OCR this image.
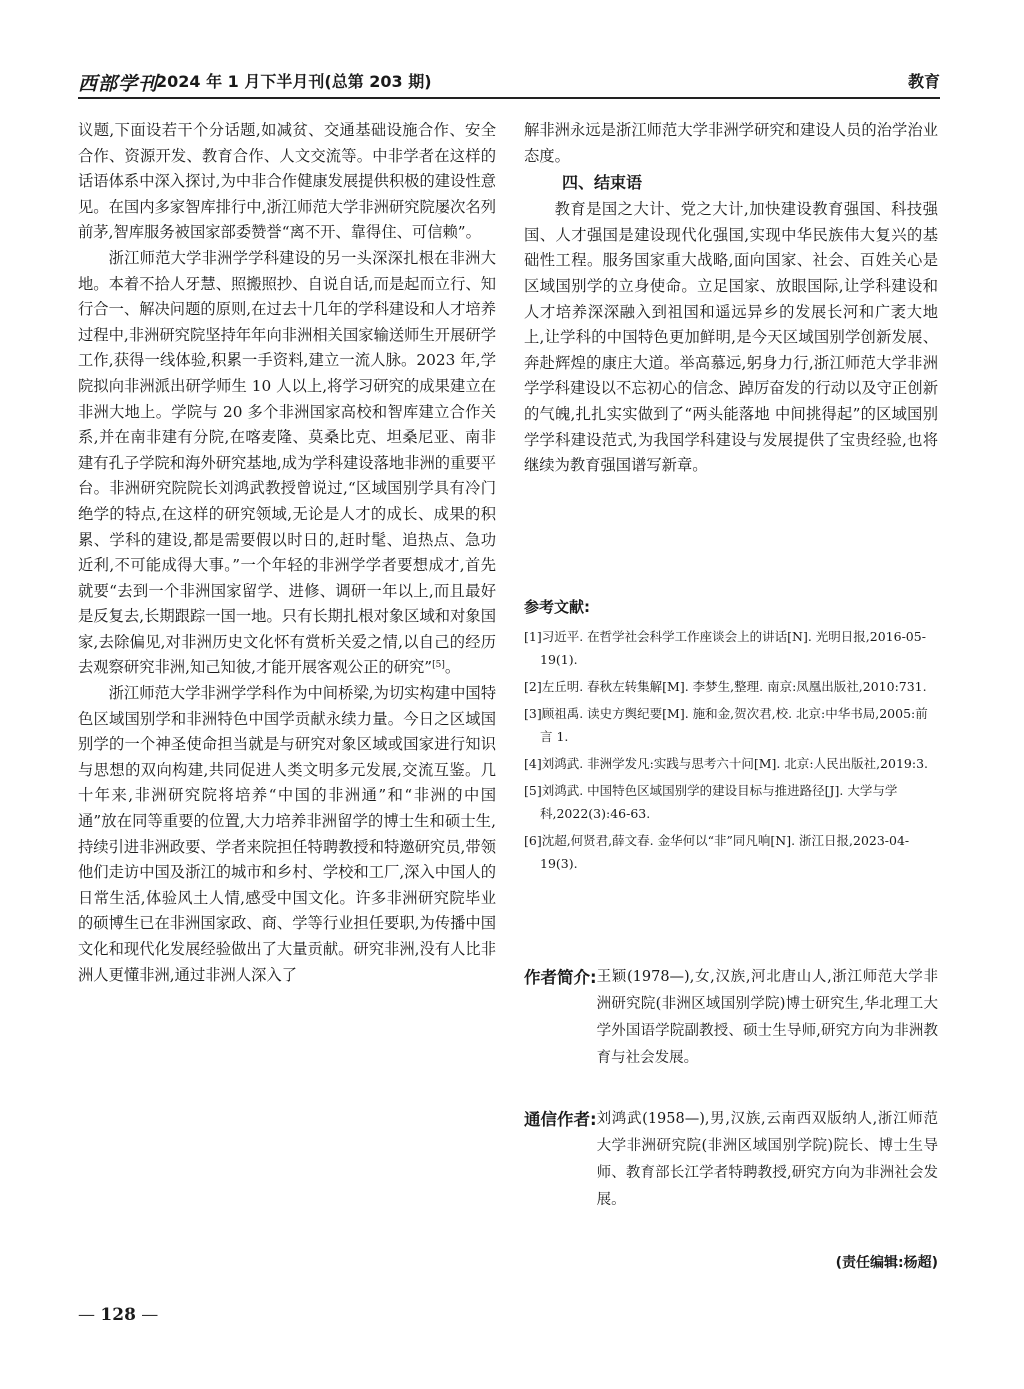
西部学刊
2024 年 1 月下半月刊(总第 203 期)	教育

议题,下面设若干个分话题,如减贫、交通基础设施合作、安全合作、资源开发、教育合作、人文交流等。中非学者在这样的话语体系中深入探讨,为中非合作健康发展提供积极的建设性意见。在国内多家智库排行中,浙江师范大学非洲研究院屡次名列前茅,智库服务被国家部委赞誉“离不开、靠得住、可信赖”。

浙江师范大学非洲学学科建设的另一头深深扎根在非洲大地。本着不拾人牙慧、照搬照抄、自说自话,而是起而立行、知行合一、解决问题的原则,在过去十几年的学科建设和人才培养过程中,非洲研究院坚持年年向非洲相关国家输送师生开展研学工作,获得一线体验,积累一手资料,建立一流人脉。2023 年,学院拟向非洲派出研学师生 10 人以上,将学习研究的成果建立在非洲大地上。学院与 20 多个非洲国家高校和智库建立合作关系,并在南非建有分院,在喀麦隆、莫桑比克、坦桑尼亚、南非建有孔子学院和海外研究基地,成为学科建设落地非洲的重要平台。非洲研究院院长刘鸿武教授曾说过,“区域国别学具有冷门绝学的特点,在这样的研究领域,无论是人才的成长、成果的积累、学科的建设,都是需要假以时日的,赶时髦、追热点、急功近利,不可能成得大事。”一个年轻的非洲学学者要想成才,首先就要“去到一个非洲国家留学、进修、调研一年以上,而且最好是反复去,长期跟踪一国一地。只有长期扎根对象区域和对象国家,去除偏见,对非洲历史文化怀有赏析关爱之情,以自己的经历去观察研究非洲,知己知彼,才能开展客观公正的研究”[5]。

浙江师范大学非洲学学科作为中间桥梁,为切实构建中国特色区域国别学和非洲特色中国学贡献永续力量。今日之区域国别学的一个神圣使命担当就是与研究对象区域或国家进行知识与思想的双向构建,共同促进人类文明多元发展,交流互鉴。几十年来,非洲研究院将培养“中国的非洲通”和“非洲的中国通”放在同等重要的位置,大力培养非洲留学的博士生和硕士生,持续引进非洲政要、学者来院担任特聘教授和特邀研究员,带领他们走访中国及浙江的城市和乡村、学校和工厂,深入中国人的日常生活,体验风土人情,感受中国文化。许多非洲研究院毕业的硕博生已在非洲国家政、商、学等行业担任要职,为传播中国文化和现代化发展经验做出了大量贡献。研究非洲,没有人比非洲人更懂非洲,通过非洲人深入了

解非洲永远是浙江师范大学非洲学研究和建设人员的治学治业态度。

四、结束语

教育是国之大计、党之大计,加快建设教育强国、科技强国、人才强国是建设现代化强国,实现中华民族伟大复兴的基础性工程。服务国家重大战略,面向国家、社会、百姓关心是区域国别学的立身使命。立足国家、放眼国际,让学科建设和人才培养深深融入到祖国和遥远异乡的发展长河和广袤大地上,让学科的中国特色更加鲜明,是今天区域国别学创新发展、奔赴辉煌的康庄大道。举高慕远,躬身力行,浙江师范大学非洲学学科建设以不忘初心的信念、踔厉奋发的行动以及守正创新的气魄,扎扎实实做到了“两头能落地 中间挑得起”的区域国别学学科建设范式,为我国学科建设与发展提供了宝贵经验,也将继续为教育强国谱写新章。

参考文献:
[1]习近平. 在哲学社会科学工作座谈会上的讲话[N]. 光明日报,2016-05-19(1).
[2]左丘明. 春秋左转集解[M]. 李梦生,整理. 南京:凤凰出版社,2010:731.
[3]顾祖禹. 读史方舆纪要[M]. 施和金,贺次君,校. 北京:中华书局,2005:前言 1.
[4]刘鸿武. 非洲学发凡:实践与思考六十问[M]. 北京:人民出版社,2019:3.
[5]刘鸿武. 中国特色区域国别学的建设目标与推进路径[J]. 大学与学科,2022(3):46-63.
[6]沈超,何贤君,薛文春. 金华何以“非”同凡响[N]. 浙江日报,2023-04-19(3).
作者简介: 王颖(1978—),女,汉族,河北唐山人,浙江师范大学非洲研究院(非洲区域国别学院)博士研究生,华北理工大学外国语学院副教授、硕士生导师,研究方向为非洲教育与社会发展。
通信作者: 刘鸿武(1958—),男,汉族,云南西双版纳人,浙江师范大学非洲研究院(非洲区域国别学院)院长、博士生导师、教育部长江学者特聘教授,研究方向为非洲社会发展。
(责任编辑:杨超)
— 128 —
